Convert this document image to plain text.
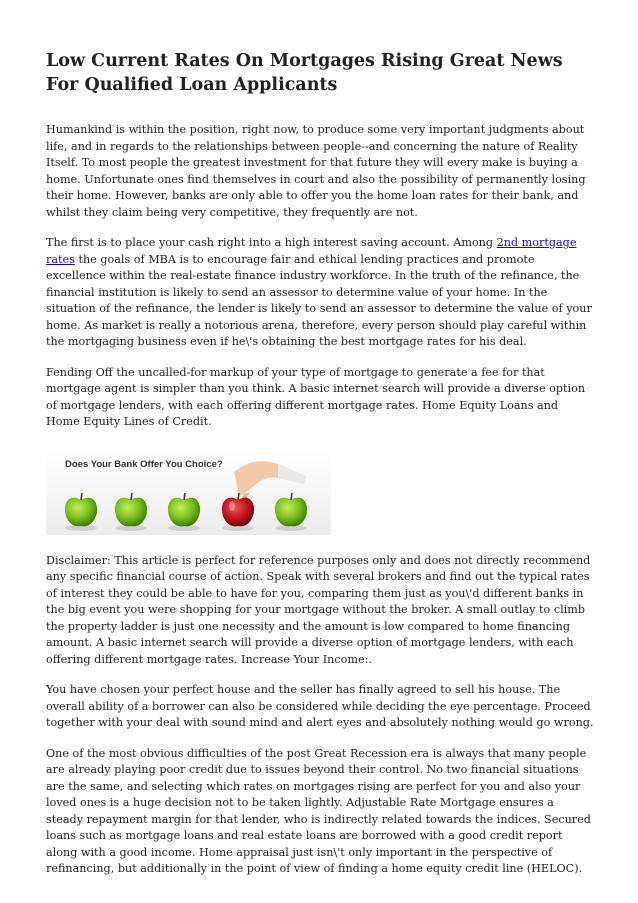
Low Current Rates On Mortgages Rising Great News For Qualified Loan Applicants

Humankind is within the position, right now, to produce some very important judgments about life, and in regards to the relationships between people--and concerning the nature of Reality Itself. To most people the greatest investment for that future they will every make is buying a home. Unfortunate ones find themselves in court and also the possibility of permanently losing their home. However, banks are only able to offer you the home loan rates for their bank, and whilst they claim being very competitive, they frequently are not.

The first is to place your cash right into a high interest saving account. Among 2nd mortgage rates the goals of MBA is to encourage fair and ethical lending practices and promote excellence within the real-estate finance industry workforce. In the truth of the refinance, the financial institution is likely to send an assessor to determine value of your home. In the situation of the refinance, the lender is likely to send an assessor to determine the value of your home. As market is really a notorious arena, therefore, every person should play careful within the mortgaging business even if he\'s obtaining the best mortgage rates for his deal.

Fending Off the uncalled-for markup of your type of mortgage to generate a fee for that mortgage agent is simpler than you think. A basic internet search will provide a diverse option of mortgage lenders, with each offering different mortgage rates. Home Equity Loans and Home Equity Lines of Credit.

Does Your Bank Offer You Choice?

Disclaimer: This article is perfect for reference purposes only and does not directly recommend any specific financial course of action. Speak with several brokers and find out the typical rates of interest they could be able to have for you, comparing them just as you\'d different banks in the big event you were shopping for your mortgage without the broker. A small outlay to climb the property ladder is just one necessity and the amount is low compared to home financing amount. A basic internet search will provide a diverse option of mortgage lenders, with each offering different mortgage rates. Increase Your Income:.

You have chosen your perfect house and the seller has finally agreed to sell his house. The overall ability of a borrower can also be considered while deciding the eye percentage. Proceed together with your deal with sound mind and alert eyes and absolutely nothing would go wrong.

One of the most obvious difficulties of the post Great Recession era is always that many people are already playing poor credit due to issues beyond their control. No two financial situations are the same, and selecting which rates on mortgages rising are perfect for you and also your loved ones is a huge decision not to be taken lightly. Adjustable Rate Mortgage ensures a steady repayment margin for that lender, who is indirectly related towards the indices. Secured loans such as mortgage loans and real estate loans are borrowed with a good credit report along with a good income. Home appraisal just isn\'t only important in the perspective of refinancing, but additionally in the point of view of finding a home equity credit line (HELOC).
